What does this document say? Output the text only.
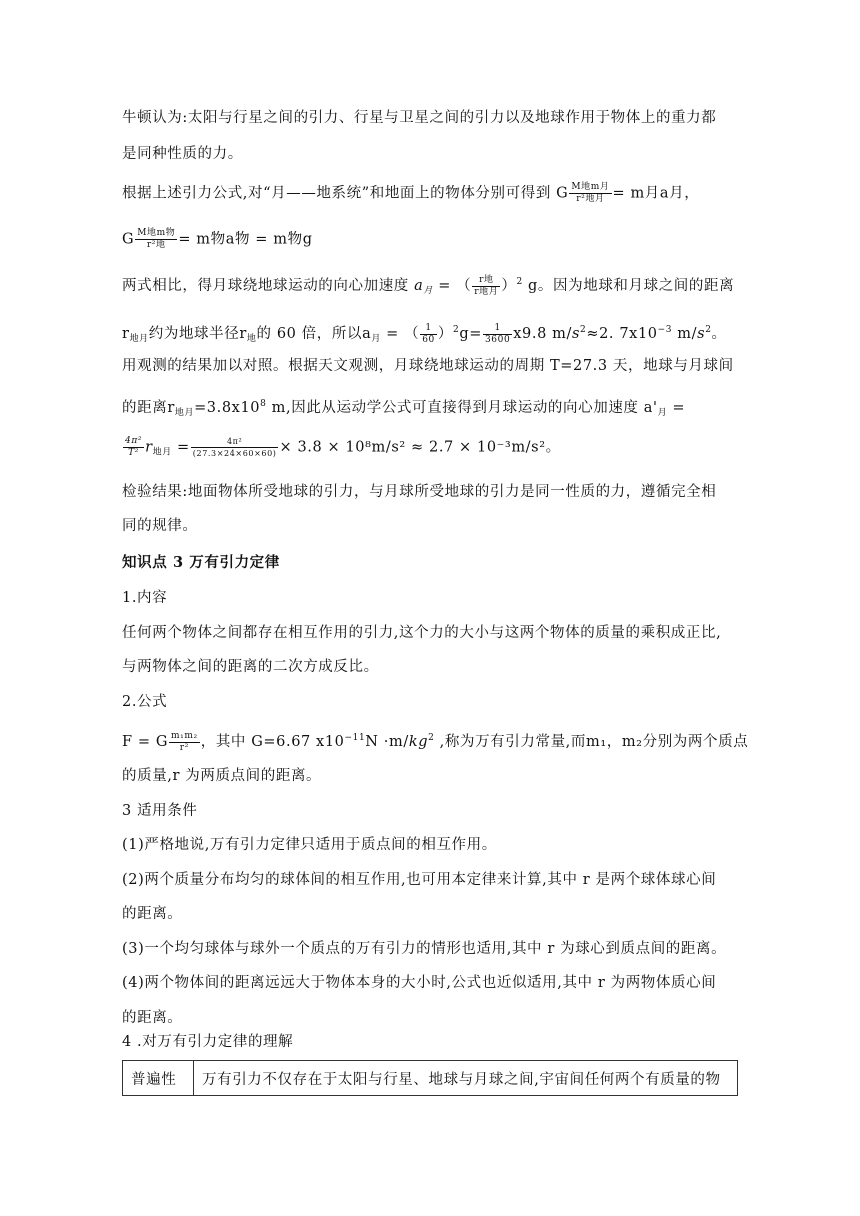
牛顿认为:太阳与行星之间的引力、行星与卫星之间的引力以及地球作用于物体上的重力都
是同种性质的力。
根据上述引力公式,对“月——地系统”和地面上的物体分别可得到 G $\frac{\text{M地m月}}{\text{r²地月}} = m$月a月，
G $\frac{\text{M地m物}}{\text{r²地}} = m$物a物 = m物g
两式相比，得月球绕地球运动的向心加速度 $a_月$ = （ $\frac{\text{r地}}{\text{r地月}} )^2$ g。因为地球和月球之间的距离
$r_{地月}$约为地球半径$r_地$的 60 倍，所以$a_月$ = （ $\frac{1}{60} )^2g= \frac{1}{3600} x9.8$ $m/s^2\approx 2$. $7x10^{-3}$ $m/s^2$。
用观测的结果加以对照。根据天文观测，月球绕地球运动的周期 T=27.3 天，地球与月球间
的距离$r_{地月}=3.8x10^8$ m,因此从运动学公式可直接得到月球运动的向心加速度 $a'_月$ =
$\frac{\text{4π²}}{\text{T²}} r_{地月} = \frac{\text{4π²}}{(27.3\times 24\times 60\times 60)} \times 3.8 \times 10^8m/s^2 \approx 2.7 \times 10^{-3}m/s^2$。
检验结果:地面物体所受地球的引力，与月球所受地球的引力是同一性质的力，遵循完全相
同的规律。
知识点 3 万有引力定律
1.内容
任何两个物体之间都存在相互作用的引力,这个力的大小与这两个物体的质量的乘积成正比,
与两物体之间的距离的二次方成反比。
2.公式
F = G $\frac{\text{m₁m₂}}{\text{r²}}$ ，其中 G=6.67 $x10^{-11}N \cdot m/kg^2$ ,称为万有引力常量,而m₁，m₂分别为两个质点
的质量,r 为两质点间的距离。
3 适用条件
(1)严格地说,万有引力定律只适用于质点间的相互作用。
(2)两个质量分布均匀的球体间的相互作用,也可用本定律来计算,其中 r 是两个球体球心间
的距离。
(3)一个均匀球体与球外一个质点的万有引力的情形也适用,其中 r 为球心到质点间的距离。
(4)两个物体间的距离远远大于物体本身的大小时,公式也近似适用,其中 r 为两物体质心间
的距离。
4 .对万有引力定律的理解
普遍性	万有引力不仅存在于太阳与行星、地球与月球之间,宇宙间任何两个有质量的物
